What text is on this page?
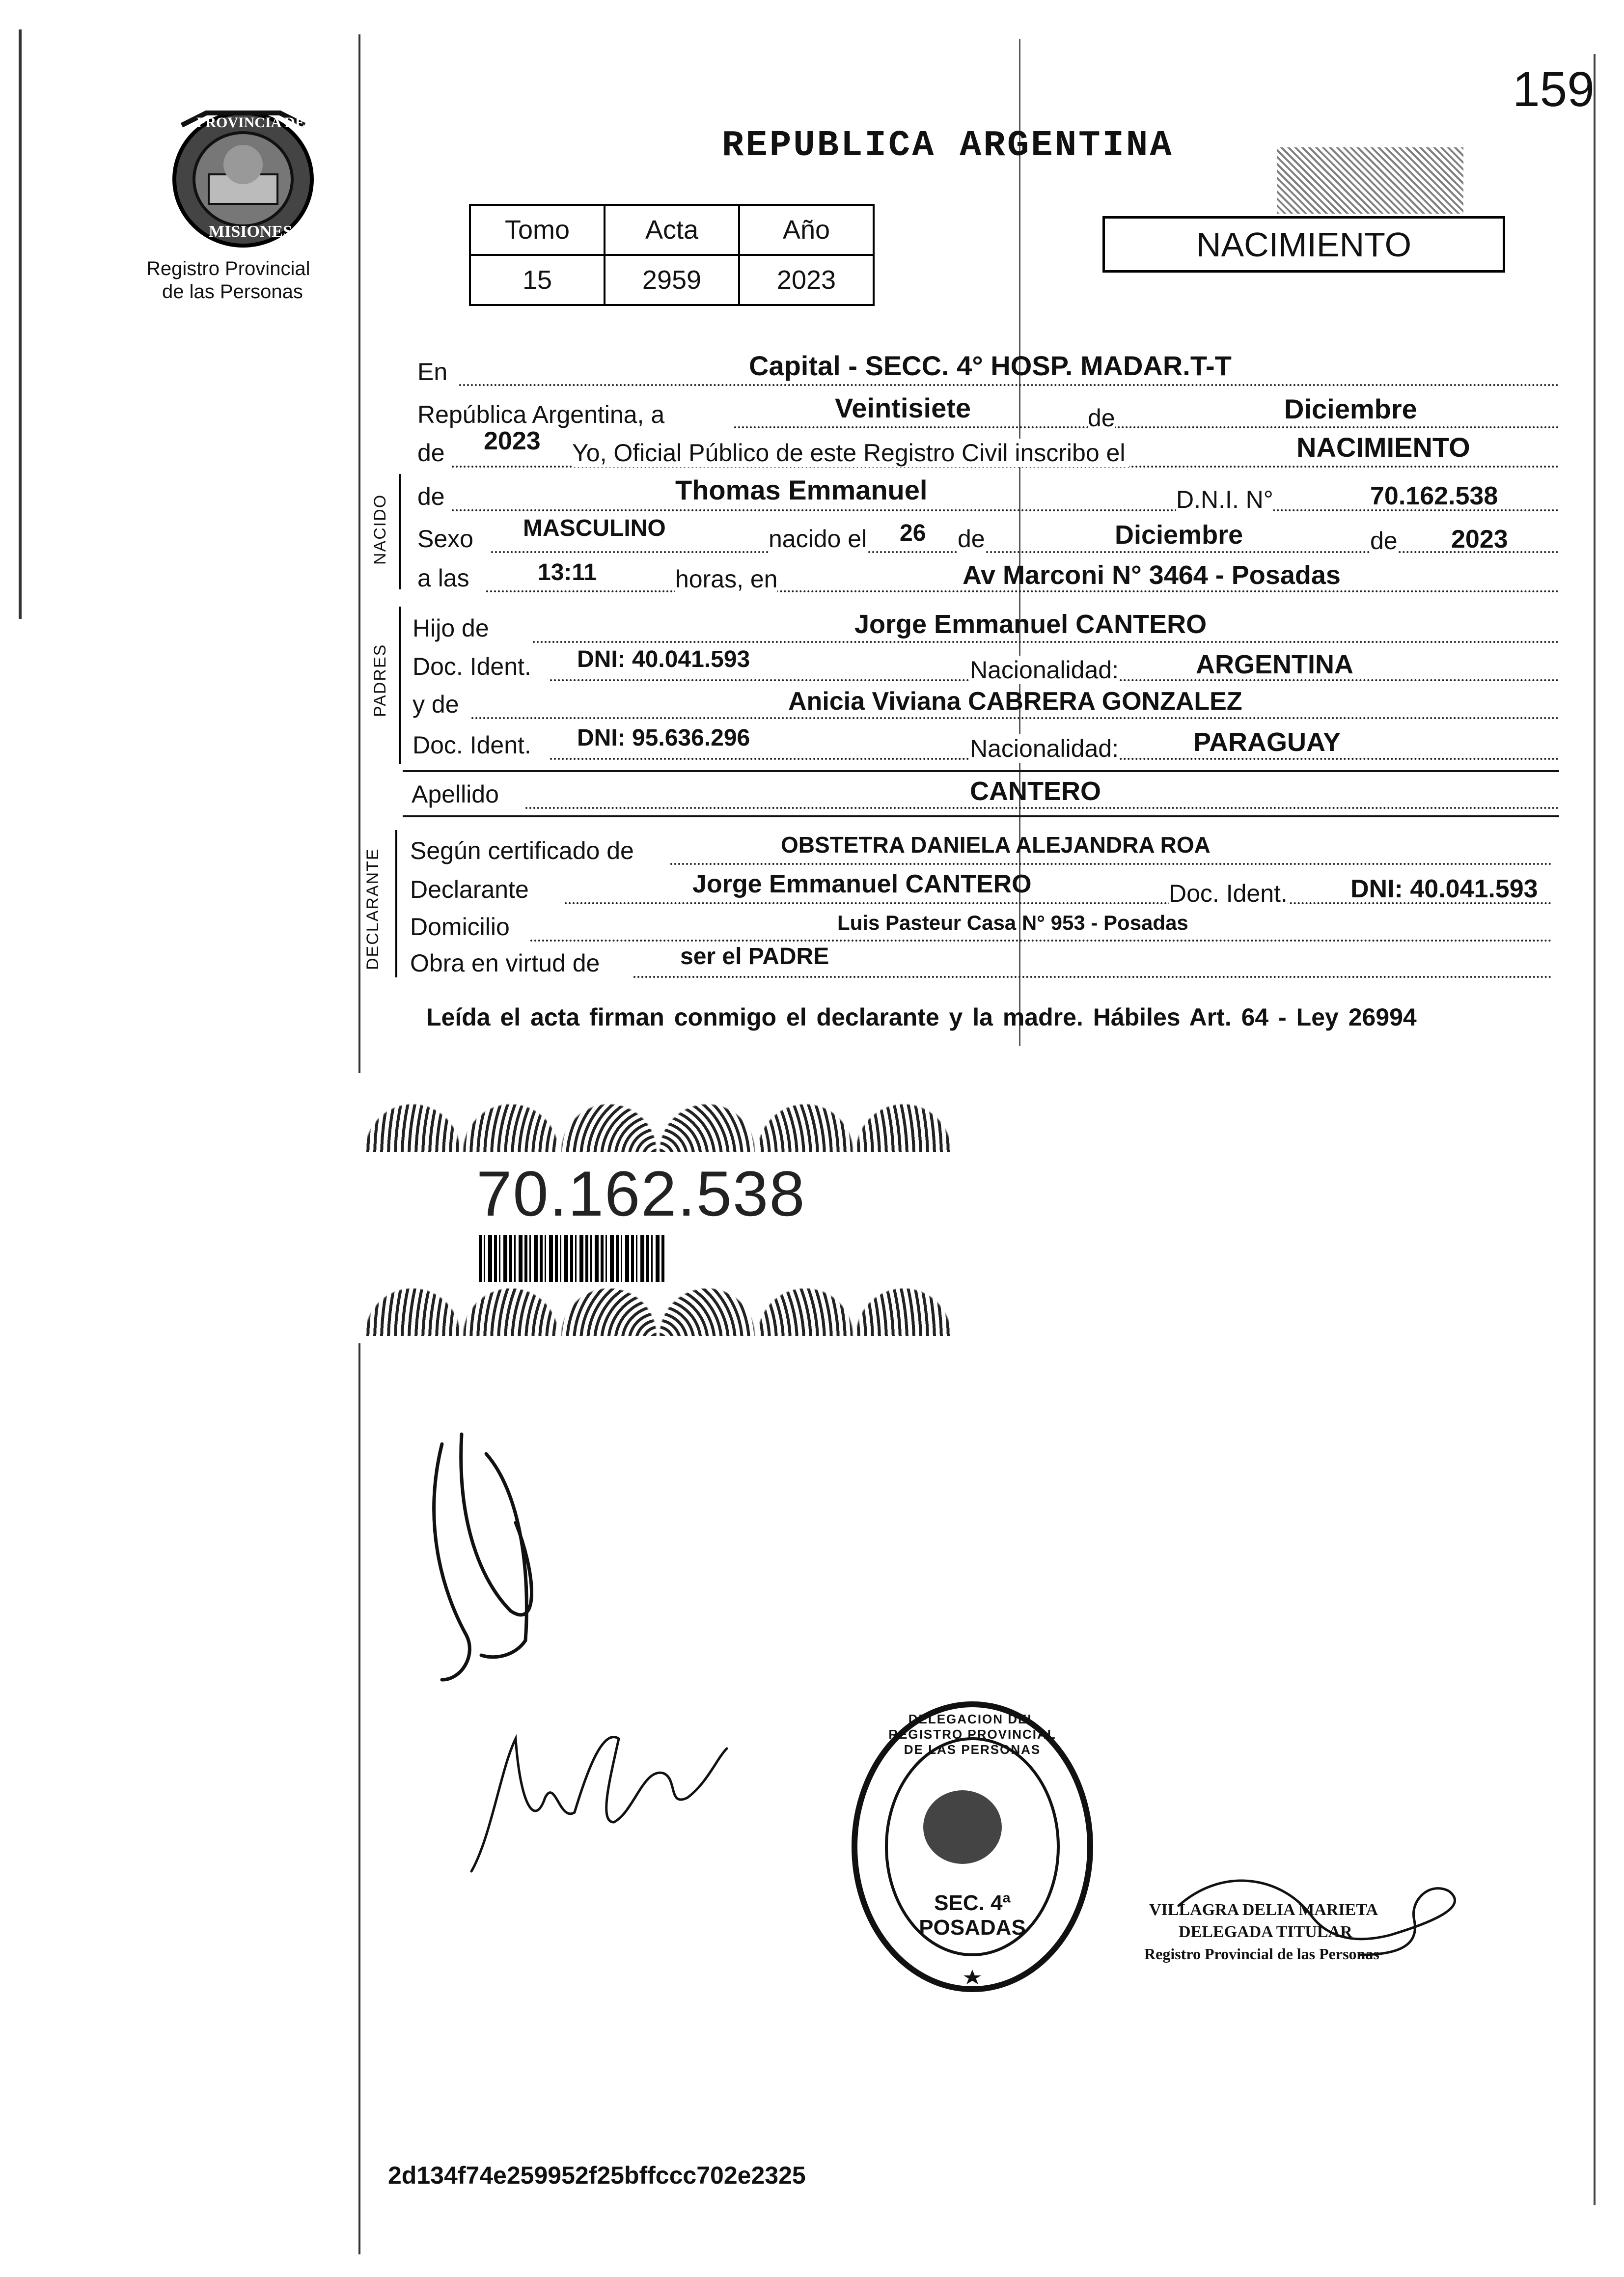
159
PROVINCIA DE
MISIONES
Registro Provincial
de las Personas
REPUBLICA ARGENTINA
NACIMIENTO
Tomo	Acta	Año
15	2959	2023
En	Capital - SECC. 4° HOSP. MADAR.T-T
República Argentina, a	Veintisiete	de	Diciembre
de 2023 Yo, Oficial Público de este Registro Civil inscribo el	NACIMIENTO
NACIDO de	Thomas Emmanuel	D.N.I. N°	70.162.538
Sexo MASCULINO	nacido el 26 de	Diciembre	de 2023
a las	13:11	horas, en	Av Marconi N° 3464 - Posadas
PADRES
Hijo de	Jorge Emmanuel CANTERO
Doc. Ident. DNI: 40.041.593	Nacionalidad:	ARGENTINA
y de	Anicia Viviana CABRERA GONZALEZ
Doc. Ident. DNI: 95.636.296	Nacionalidad:	PARAGUAY
Apellido	CANTERO
DECLARANTE Según certificado de	OBSTETRA DANIELA ALEJANDRA ROA
Declarante	Jorge Emmanuel CANTERO	Doc. Ident. DNI: 40.041.593
Domicilio	Luis Pasteur Casa N° 953 - Posadas
Obra en virtud de	ser el PADRE
Leída el acta firman conmigo el declarante y la madre. Hábiles Art. 64 - Ley 26994
70.162.538
DELEGACION DEL REGISTRO PROVINCIAL DE LAS PERSONAS
SEC. 4ª POSADAS
VILLAGRA DELIA MARIETA
DELEGADA TITULAR
Registro Provincial de las Personas
2d134f74e259952f25bffccc702e2325
